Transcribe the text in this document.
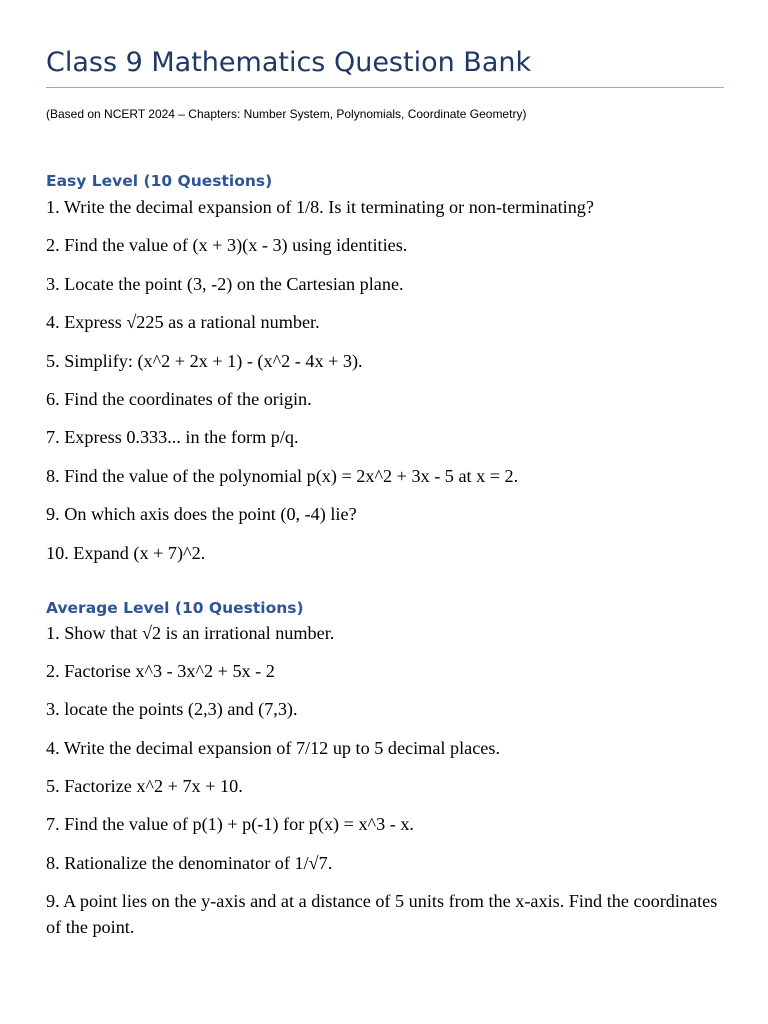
Class 9 Mathematics Question Bank

(Based on NCERT 2024 – Chapters: Number System, Polynomials, Coordinate Geometry)

Easy Level (10 Questions)
1. Write the decimal expansion of 1/8. Is it terminating or non-terminating?
2. Find the value of (x + 3)(x - 3) using identities.
3. Locate the point (3, -2) on the Cartesian plane.
4. Express √225 as a rational number.
5. Simplify: (x^2 + 2x + 1) - (x^2 - 4x + 3).
6. Find the coordinates of the origin.
7. Express 0.333... in the form p/q.
8. Find the value of the polynomial p(x) = 2x^2 + 3x - 5 at x = 2.
9. On which axis does the point (0, -4) lie?
10. Expand (x + 7)^2.
Average Level (10 Questions)
1. Show that √2 is an irrational number.
2. Factorise x^3 - 3x^2 + 5x - 2
3. locate the points (2,3) and (7,3).
4. Write the decimal expansion of 7/12 up to 5 decimal places.
5. Factorize x^2 + 7x + 10.
7. Find the value of p(1) + p(-1) for p(x) = x^3 - x.
8. Rationalize the denominator of 1/√7.
9. A point lies on the y-axis and at a distance of 5 units from the x-axis. Find the coordinates of the point.
